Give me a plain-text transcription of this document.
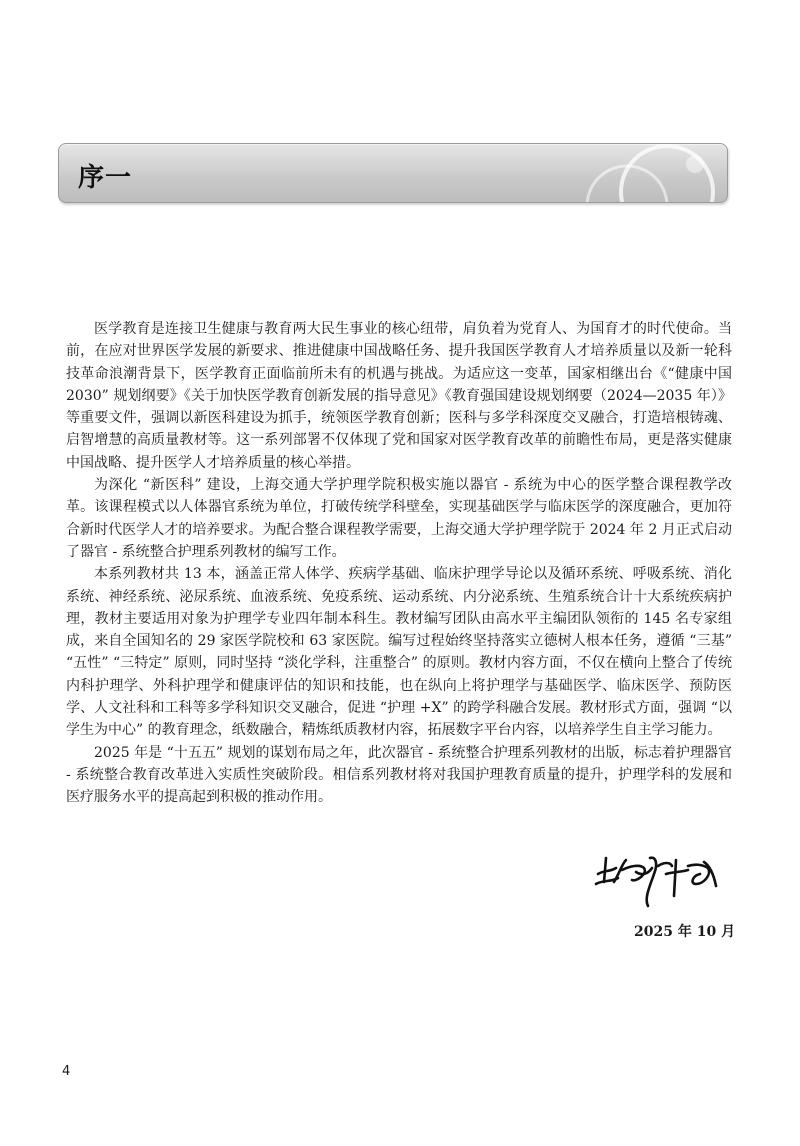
序一

医学教育是连接卫生健康与教育两大民生事业的核心纽带，肩负着为党育人、为国育才的时代使命。当前，在应对世界医学发展的新要求、推进健康中国战略任务、提升我国医学教育人才培养质量以及新一轮科技革命浪潮背景下，医学教育正面临前所未有的机遇与挑战。为适应这一变革，国家相继出台《“健康中国 2030” 规划纲要》《关于加快医学教育创新发展的指导意见》《教育强国建设规划纲要（2024—2035 年）》等重要文件，强调以新医科建设为抓手，统领医学教育创新；医科与多学科深度交叉融合，打造培根铸魂、启智增慧的高质量教材等。这一系列部署不仅体现了党和国家对医学教育改革的前瞻性布局，更是落实健康中国战略、提升医学人才培养质量的核心举措。

为深化 “新医科” 建设，上海交通大学护理学院积极实施以器官 - 系统为中心的医学整合课程教学改革。该课程模式以人体器官系统为单位，打破传统学科壁垒，实现基础医学与临床医学的深度融合，更加符合新时代医学人才的培养要求。为配合整合课程教学需要，上海交通大学护理学院于 2024 年 2 月正式启动了器官 - 系统整合护理系列教材的编写工作。

本系列教材共 13 本，涵盖正常人体学、疾病学基础、临床护理学导论以及循环系统、呼吸系统、消化系统、神经系统、泌尿系统、血液系统、免疫系统、运动系统、内分泌系统、生殖系统合计十大系统疾病护理，教材主要适用对象为护理学专业四年制本科生。教材编写团队由高水平主编团队领衔的 145 名专家组成，来自全国知名的 29 家医学院校和 63 家医院。编写过程始终坚持落实立德树人根本任务，遵循 “三基” “五性” “三特定” 原则，同时坚持 “淡化学科，注重整合” 的原则。教材内容方面，不仅在横向上整合了传统内科护理学、外科护理学和健康评估的知识和技能，也在纵向上将护理学与基础医学、临床医学、预防医学、人文社科和工科等多学科知识交叉融合，促进 “护理 +X” 的跨学科融合发展。教材形式方面，强调 “以学生为中心” 的教育理念，纸数融合，精炼纸质教材内容，拓展数字平台内容，以培养学生自主学习能力。

2025 年是 “十五五” 规划的谋划布局之年，此次器官 - 系统整合护理系列教材的出版，标志着护理器官 - 系统整合教育改革进入实质性突破阶段。相信系列教材将对我国护理教育质量的提升，护理学科的发展和医疗服务水平的提高起到积极的推动作用。

2025 年 10 月
4
